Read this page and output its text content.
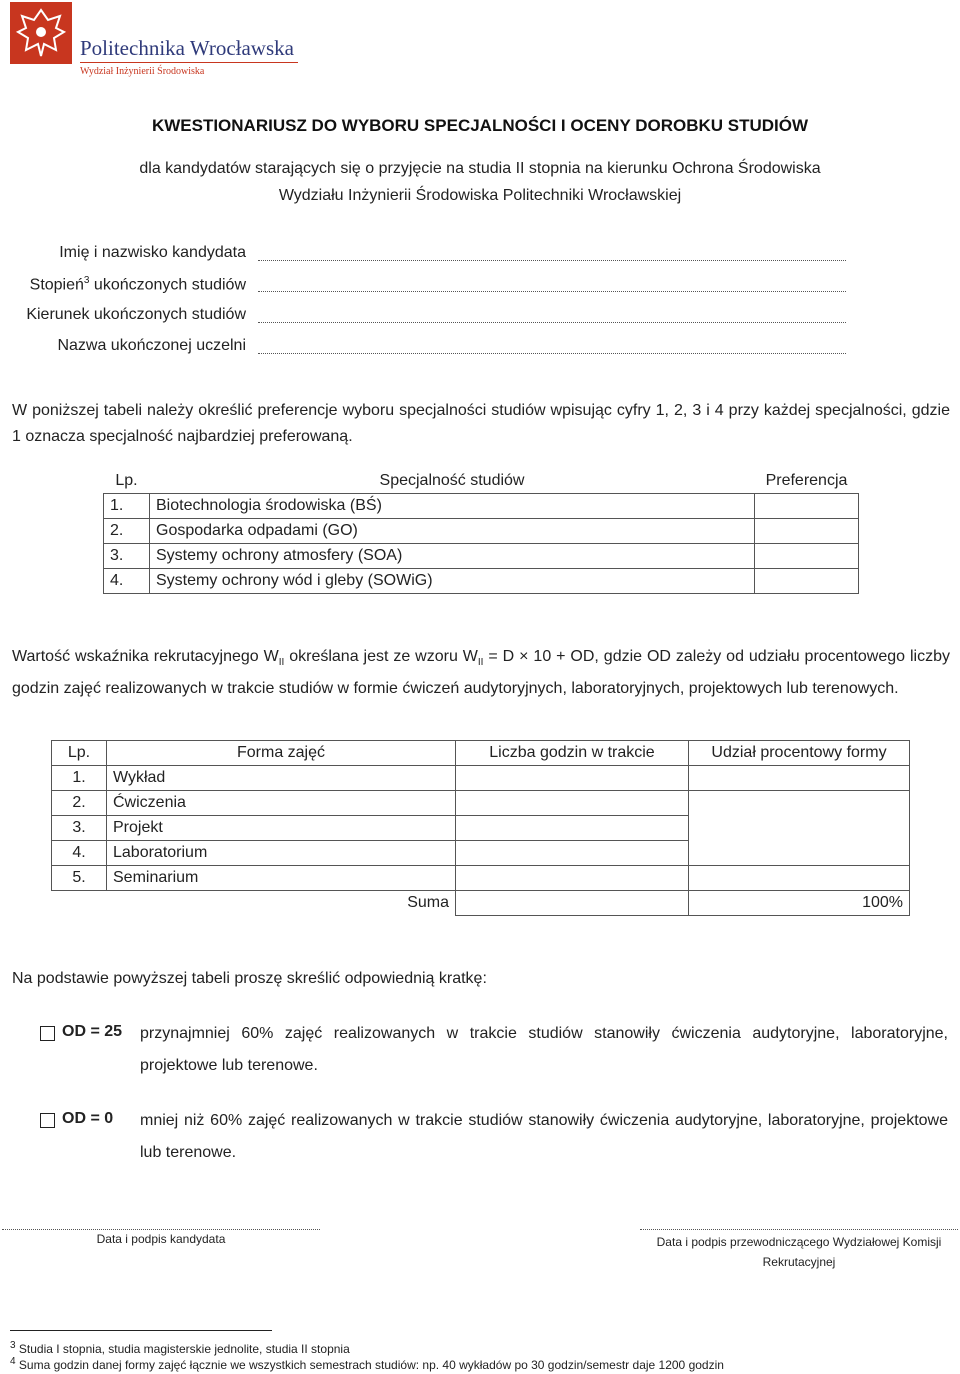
Politechnika Wrocławska
Wydział Inżynierii Środowiska
KWESTIONARIUSZ DO WYBORU SPECJALNOŚCI I OCENY DOROBKU STUDIÓW
dla kandydatów starających się o przyjęcie na studia II stopnia na kierunku Ochrona Środowiska
Wydziału Inżynierii Środowiska Politechniki Wrocławskiej
Imię i nazwisko kandydata
Stopień$^3$ ukończonych studiów
Kierunek ukończonych studiów
Nazwa ukończonej uczelni
W poniższej tabeli należy określić preferencje wyboru specjalności studiów wpisując cyfry 1, 2, 3 i 4 przy każdej specjalności, gdzie 1 oznacza specjalność najbardziej preferowaną.
Lp.	Specjalność studiów	Preferencja
1.	Biotechnologia środowiska (BŚ)	
2.	Gospodarka odpadami (GO)	
3.	Systemy ochrony atmosfery (SOA)	
4.	Systemy ochrony wód i gleby (SOWiG)	
Wartość wskaźnika rekrutacyjnego $W_{II}$ określana jest ze wzoru $W_{II} = D \times 10$ + OD, gdzie OD zależy od udziału procentowego liczby godzin zajęć realizowanych w trakcie studiów w formie ćwiczeń audytoryjnych, laboratoryjnych, projektowych lub terenowych.
Lp.	Forma zajęć	Liczba godzin w trakcie	Udział procentowy formy
1.	Wykład		
2.	Ćwiczenia		
3.	Projekt		
4.	Laboratorium		
5.	Seminarium		
	Suma		100%
Na podstawie powyższej tabeli proszę skreślić odpowiednią kratkę:
OD = 25 przynajmniej 60% zajęć realizowanych w trakcie studiów stanowiły ćwiczenia audytoryjne, laboratoryjne, projektowe lub terenowe.
OD = 0 mniej niż 60% zajęć realizowanych w trakcie studiów stanowiły ćwiczenia audytoryjne, laboratoryjne, projektowe lub terenowe.
Data i podpis kandydata	Data i podpis przewodniczącego Wydziałowej Komisji
Rekrutacyjnej
$^3$ Studia I stopnia, studia magisterskie jednolite, studia II stopnia
$^4$ Suma godzin danej formy zajęć łącznie we wszystkich semestrach studiów: np. 40 wykładów po 30 godzin/semestr daje 1200 godzin
